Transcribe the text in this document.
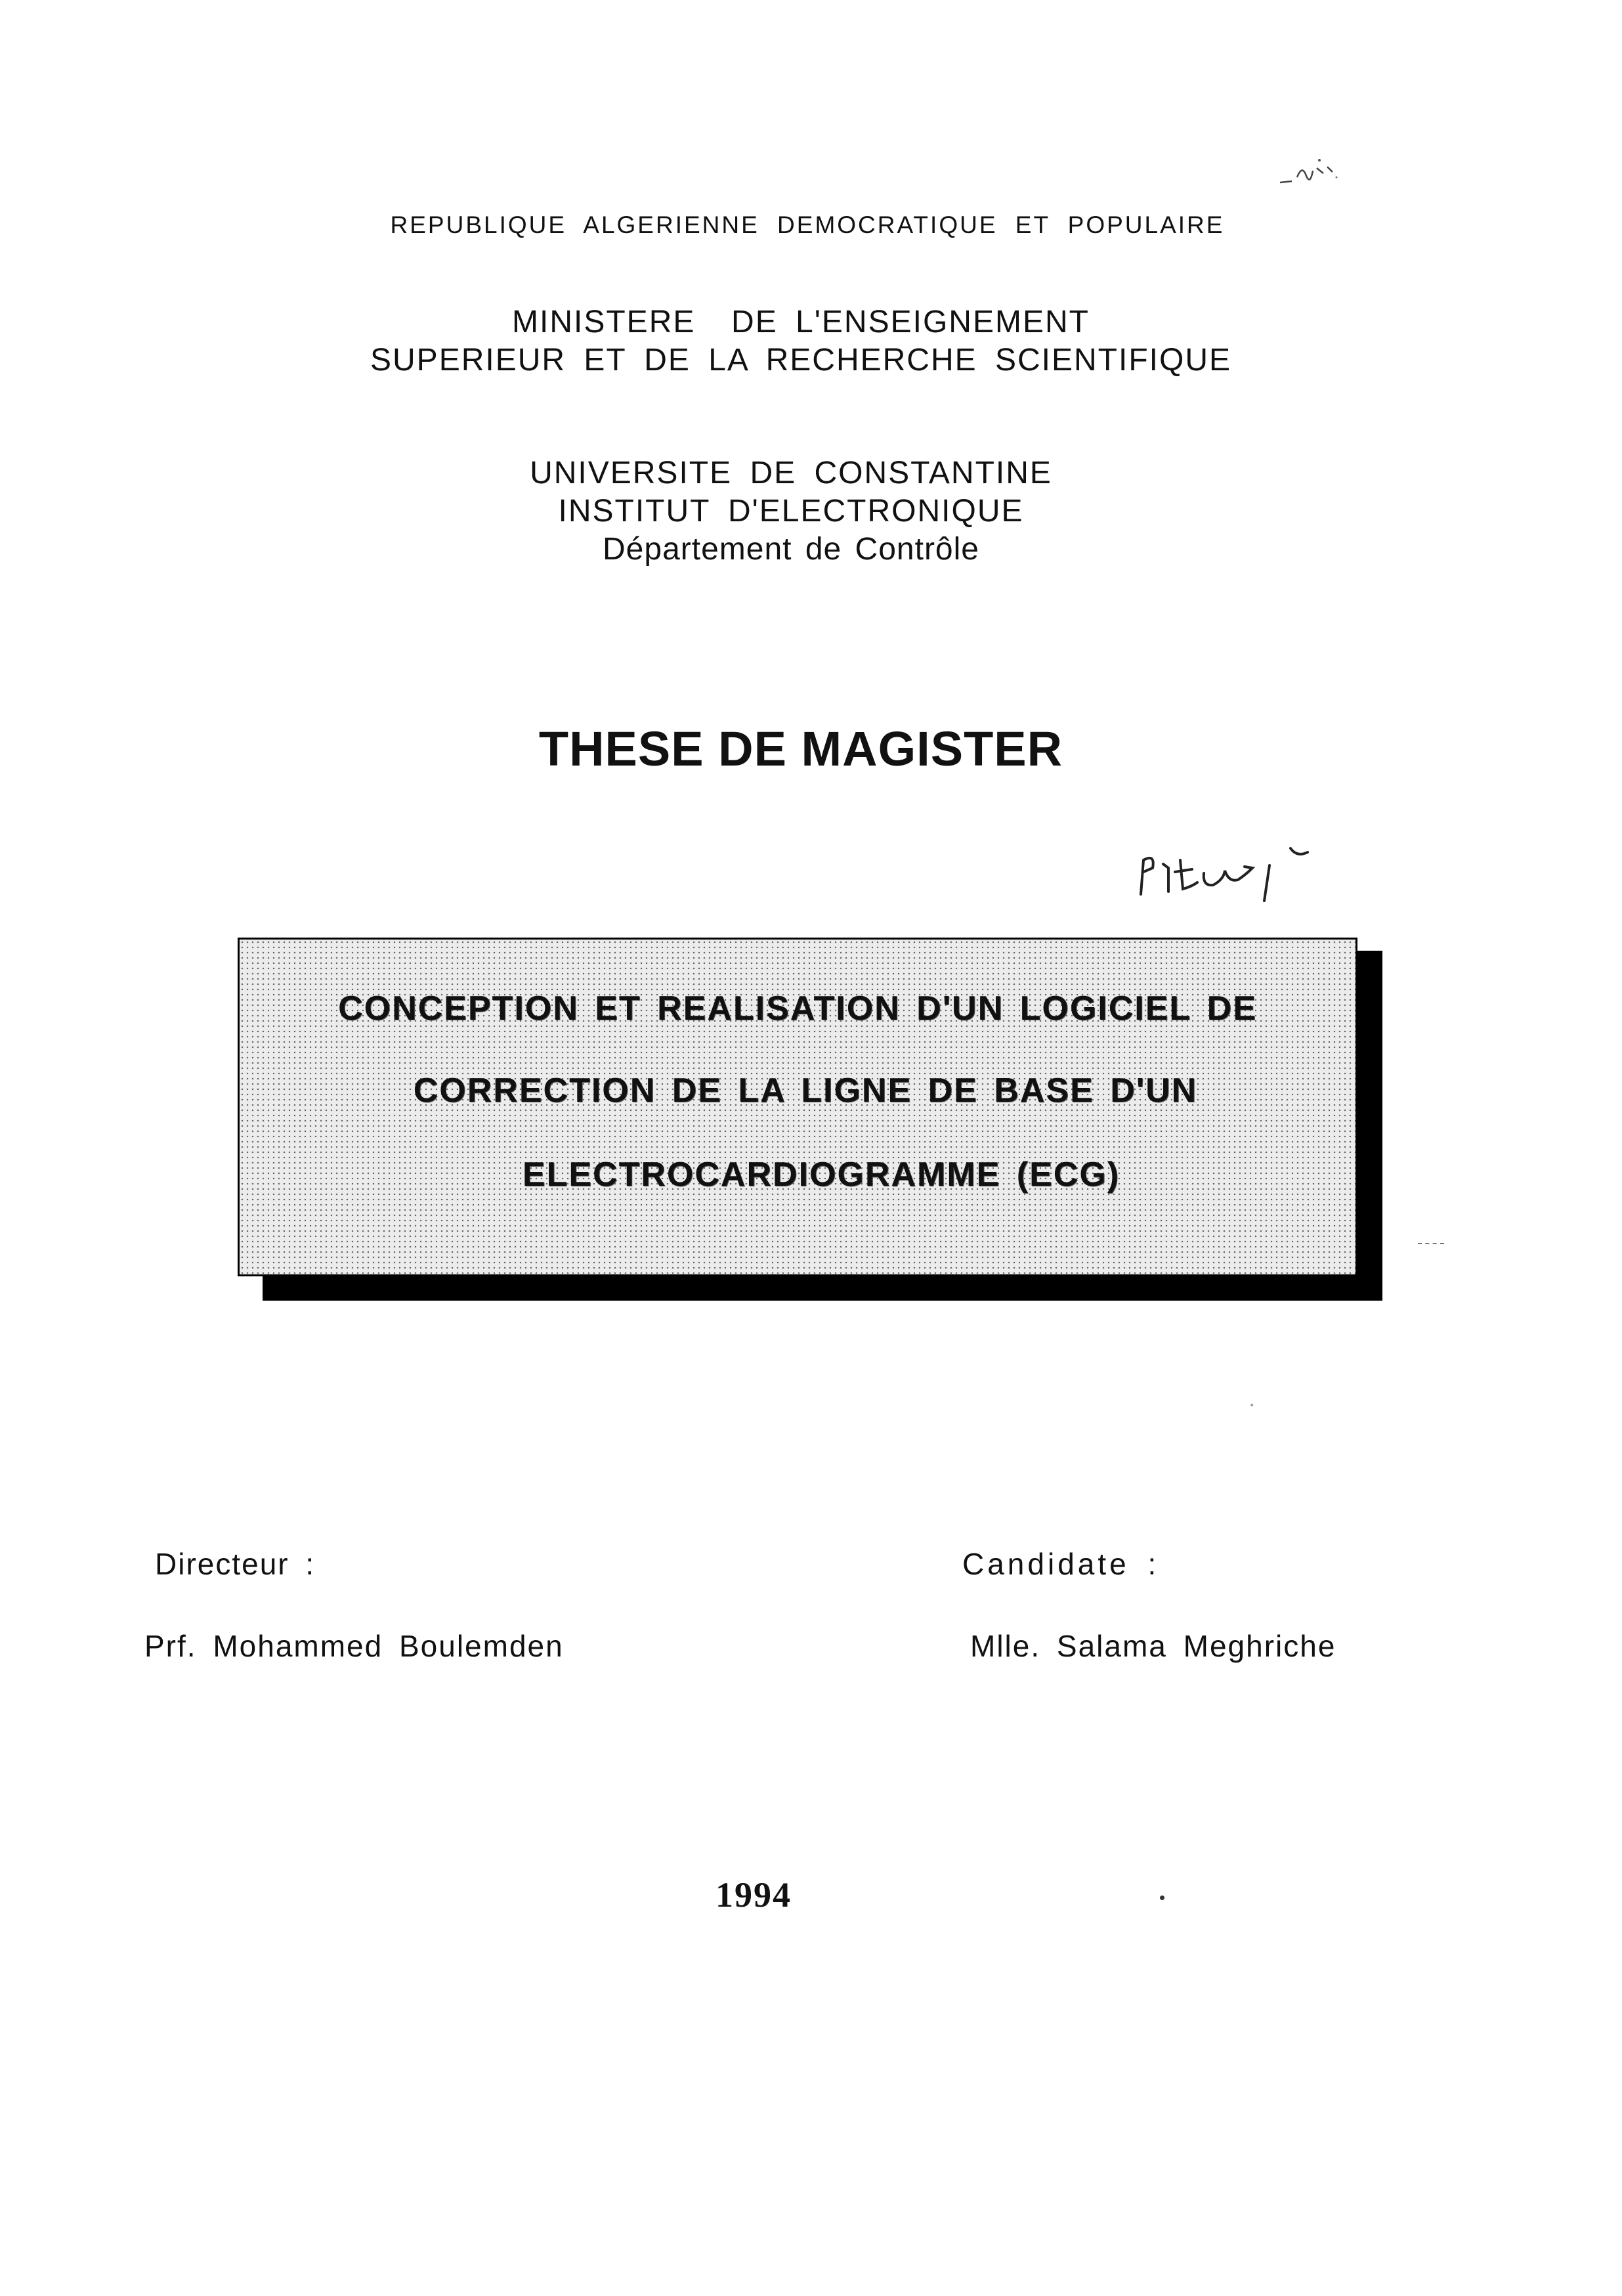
REPUBLIQUE ALGERIENNE DEMOCRATIQUE ET POPULAIRE
MINISTERE  DE L'ENSEIGNEMENT
SUPERIEUR ET DE LA RECHERCHE SCIENTIFIQUE
UNIVERSITE DE CONSTANTINE
INSTITUT D'ELECTRONIQUE
Département de Contrôle
THESE DE MAGISTER
CONCEPTION ET REALISATION D'UN LOGICIEL DE
CORRECTION DE LA LIGNE DE BASE D'UN
ELECTROCARDIOGRAMME (ECG)
Directeur :
Prf. Mohammed Boulemden
Candidate :
Mlle. Salama Meghriche
1994
